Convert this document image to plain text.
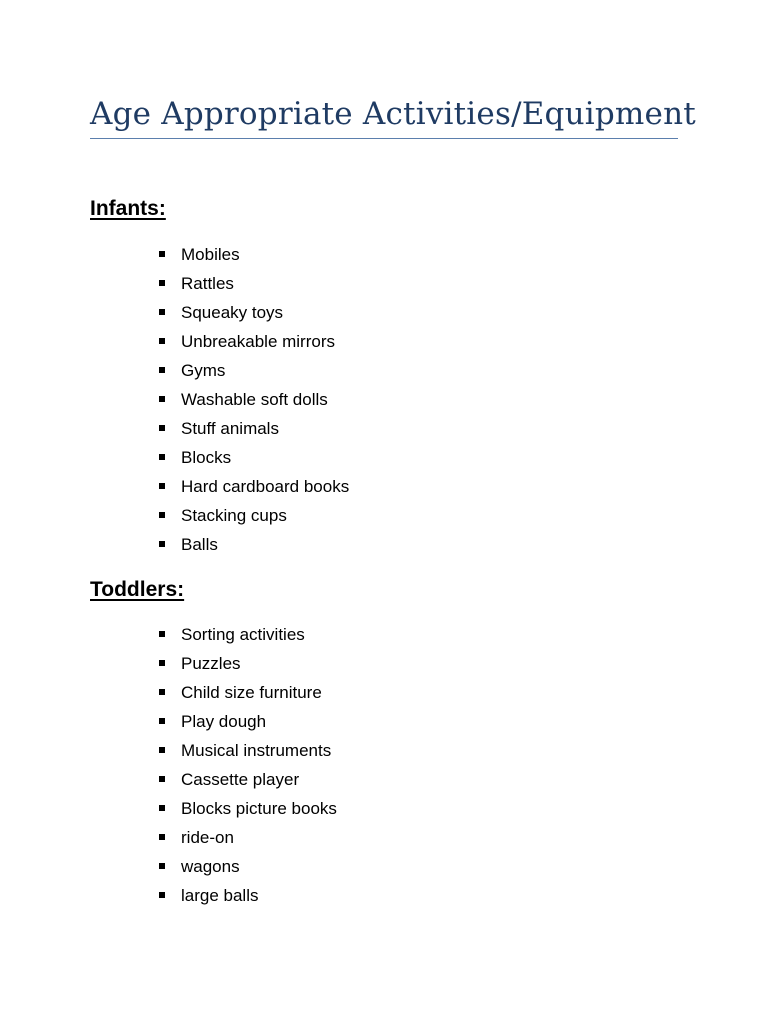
Age Appropriate Activities/Equipment
Infants:
Mobiles
Rattles
Squeaky toys
Unbreakable mirrors
Gyms
Washable soft dolls
Stuff animals
Blocks
Hard cardboard books
Stacking cups
Balls
Toddlers:
Sorting activities
Puzzles
Child size furniture
Play dough
Musical instruments
Cassette player
Blocks picture books
ride-on
wagons
large balls
